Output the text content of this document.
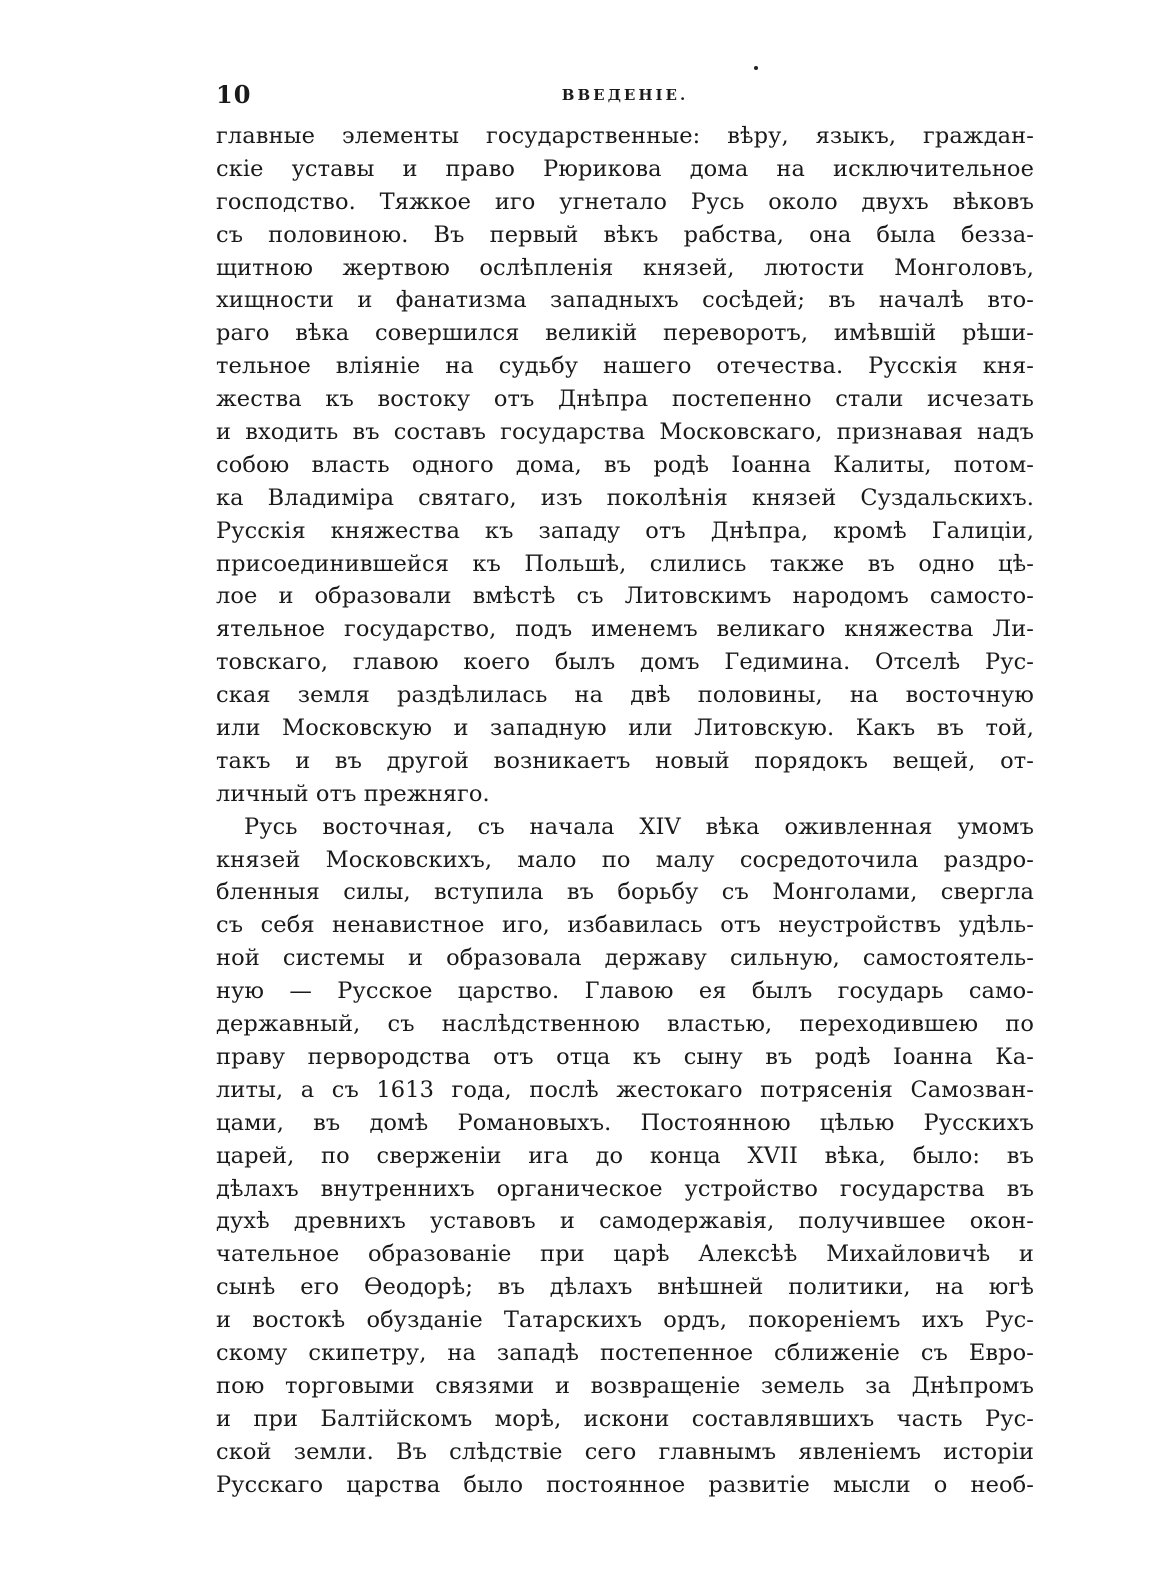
10	ВВЕДЕНІЕ.
главные элементы государственные: вѣру, языкъ, граждан-
скіе уставы и право Рюрикова дома на исключительное
господство. Тяжкое иго угнетало Русь около двухъ вѣковъ
съ половиною. Въ первый вѣкъ рабства, она была безза-
щитною жертвою ослѣпленія князей, лютости Монголовъ,
хищности и фанатизма западныхъ сосѣдей; въ началѣ вто-
раго вѣка совершился великій переворотъ, имѣвшій рѣши-
тельное вліяніе на судьбу нашего отечества. Русскія кня-
жества къ востоку отъ Днѣпра постепенно стали исчезать
и входить въ составъ государства Московскаго, признавая надъ
собою власть одного дома, въ родѣ Іоанна Калиты, потом-
ка Владиміра святаго, изъ поколѣнія князей Суздальскихъ.
Русскія княжества къ западу отъ Днѣпра, кромѣ Галиціи,
присоединившейся къ Польшѣ, слились также въ одно цѣ-
лое и образовали вмѣстѣ съ Литовскимъ народомъ самосто-
ятельное государство, подъ именемъ великаго княжества Ли-
товскаго, главою коего былъ домъ Гедимина. Отселѣ Рус-
ская земля раздѣлилась на двѣ половины, на восточную
или Московскую и западную или Литовскую. Какъ въ той,
такъ и въ другой возникаетъ новый порядокъ вещей, от-
личный отъ прежняго.
Русь восточная, съ начала XIV вѣка оживленная умомъ
князей Московскихъ, мало по малу сосредоточила раздро-
бленныя силы, вступила въ борьбу съ Монголами, свергла
съ себя ненавистное иго, избавилась отъ неустройствъ удѣль-
ной системы и образовала державу сильную, самостоятель-
ную — Русское царство. Главою ея былъ государь само-
державный, съ наслѣдственною властью, переходившею по
праву первородства отъ отца къ сыну въ родѣ Іоанна Ка-
литы, а съ 1613 года, послѣ жестокаго потрясенія Самозван-
цами, въ домѣ Романовыхъ. Постоянною цѣлью Русскихъ
царей, по сверженіи ига до конца XVII вѣка, было: въ
дѣлахъ внутреннихъ органическое устройство государства въ
духѣ древнихъ уставовъ и самодержавія, получившее окон-
чательное образованіе при царѣ Алексѣѣ Михайловичѣ и
сынѣ его Ѳеодорѣ; въ дѣлахъ внѣшней политики, на югѣ
и востокѣ обузданіе Татарскихъ ордъ, покореніемъ ихъ Рус-
скому скипетру, на западѣ постепенное сближеніе съ Евро-
пою торговыми связями и возвращеніе земель за Днѣпромъ
и при Балтійскомъ морѣ, искони составлявшихъ часть Рус-
ской земли. Въ слѣдствіе сего главнымъ явленіемъ исторіи
Русскаго царства было постоянное развитіе мысли о необ-
